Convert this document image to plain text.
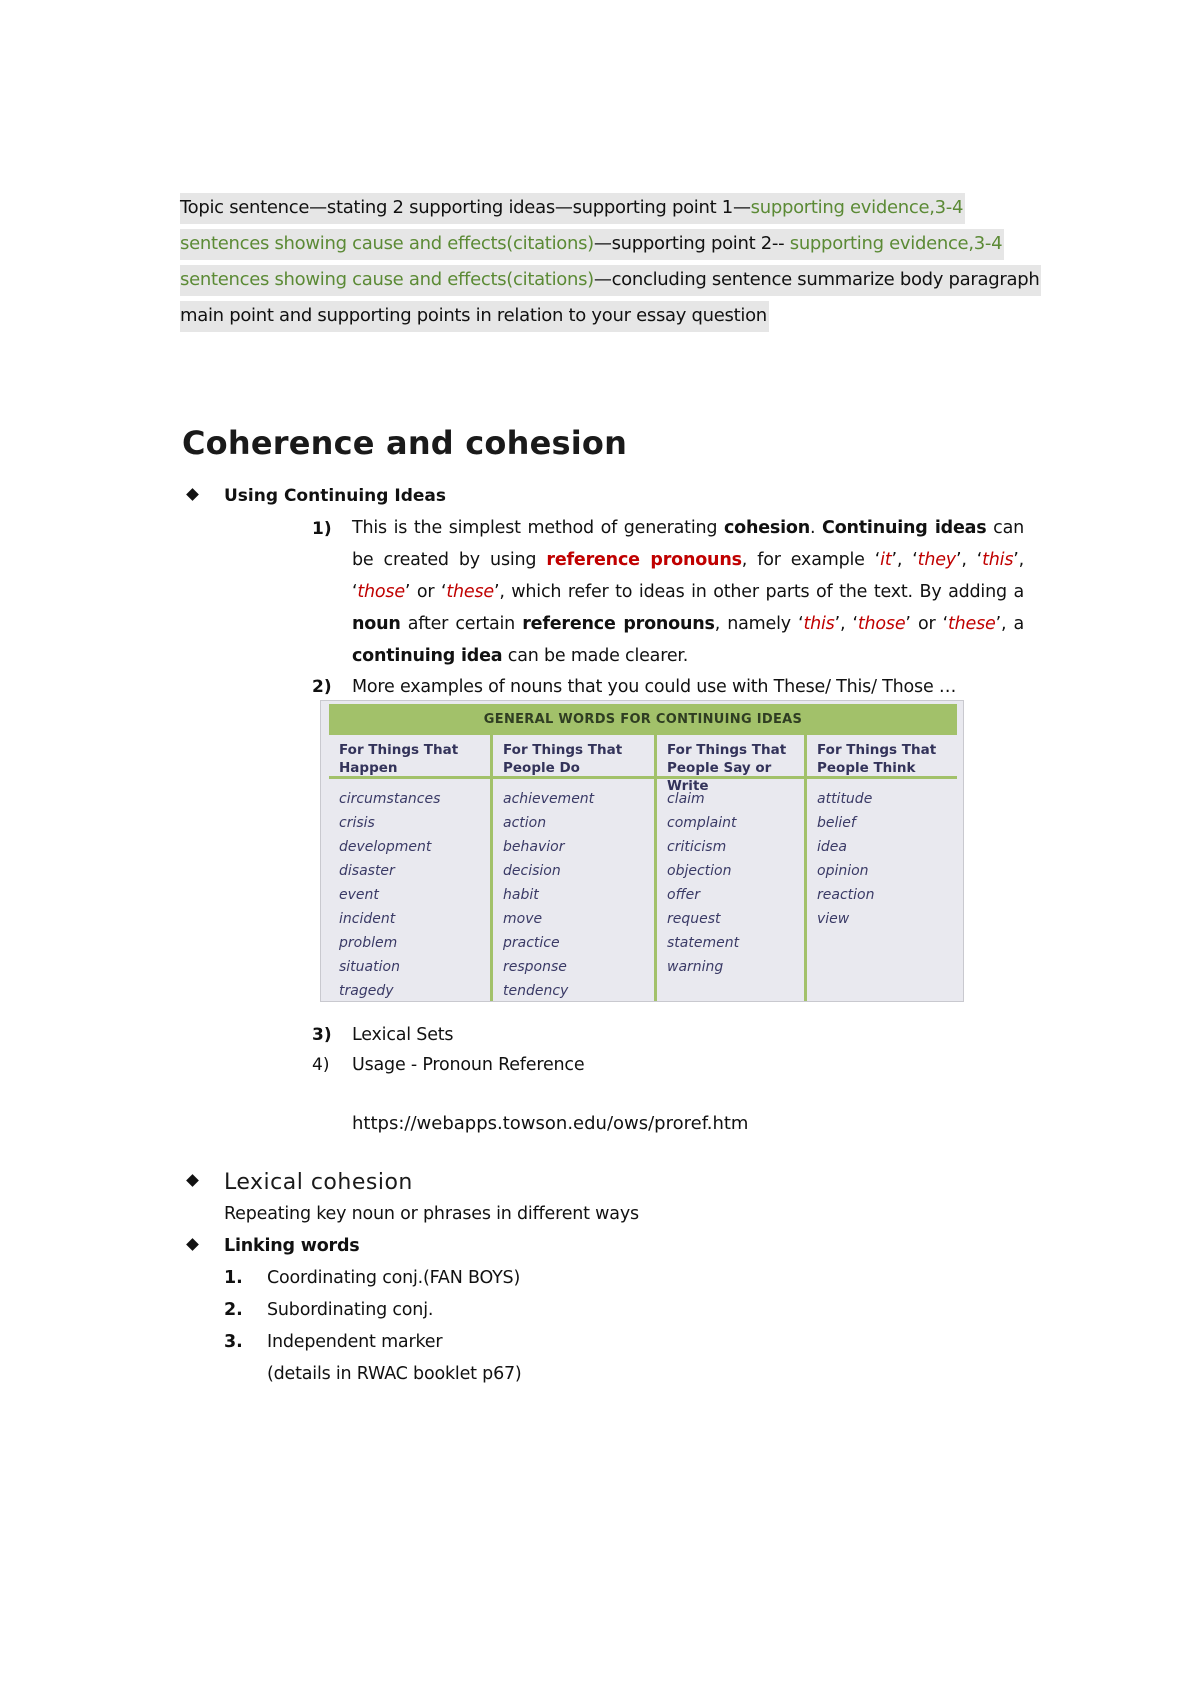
Topic sentence—stating 2 supporting ideas—supporting point 1—supporting evidence,3-4 sentences showing cause and effects(citations)—supporting point 2-- supporting evidence,3-4 sentences showing cause and effects(citations)—concluding sentence summarize body paragraph main point and supporting points in relation to your essay question
Coherence and cohesion
Using Continuing Ideas
1) This is the simplest method of generating cohesion. Continuing ideas can be created by using reference pronouns, for example ‘it’, ‘they’, ‘this’, ‘those’ or ‘these’, which refer to ideas in other parts of the text. By adding a noun after certain reference pronouns, namely ‘this’, ‘those’ or ‘these’, a continuing idea can be made clearer.
2) More examples of nouns that you could use with These/ This/ Those …
GENERAL WORDS FOR CONTINUING IDEAS
For Things That Happen
circumstances
crisis
development
disaster
event
incident
problem
situation
tragedy
For Things That People Do
achievement
action
behavior
decision
habit
move
practice
response
tendency
For Things That People Say or Write
claim
complaint
criticism
objection
offer
request
statement
warning
For Things That People Think
attitude
belief
idea
opinion
reaction
view
3) Lexical Sets
4) Usage - Pronoun Reference
https://webapps.towson.edu/ows/proref.htm
Lexical cohesion
Repeating key noun or phrases in different ways
Linking words
1. Coordinating conj.(FAN BOYS)
2. Subordinating conj.
3. Independent marker
(details in RWAC booklet p67)
